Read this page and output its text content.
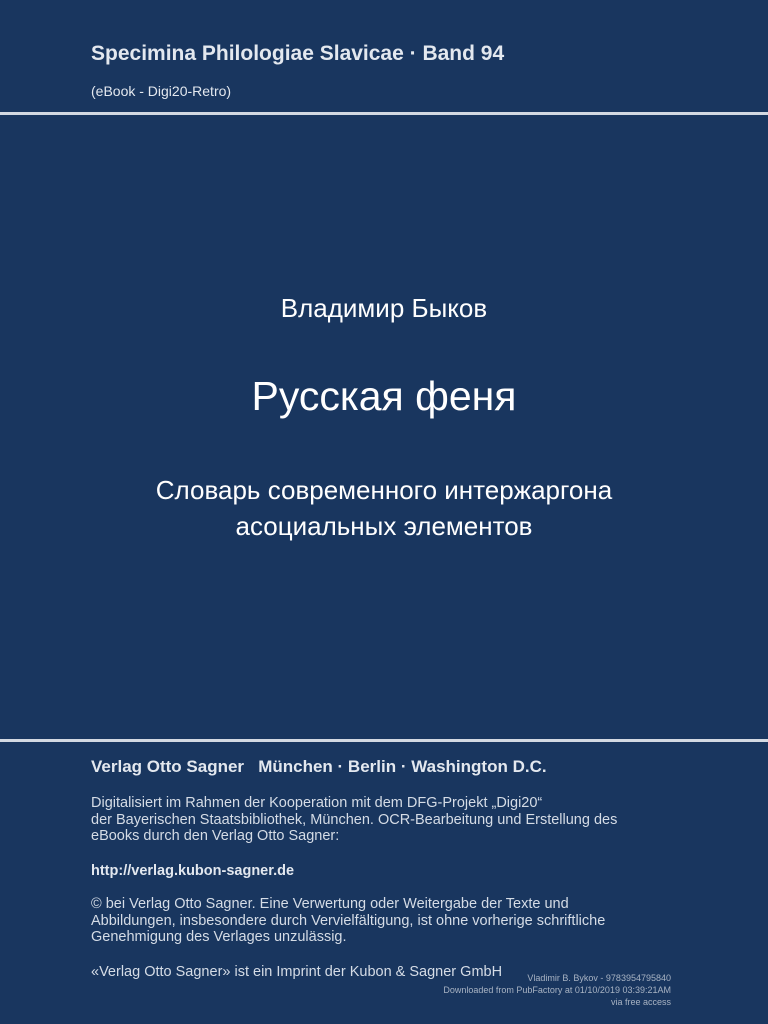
Specimina Philologiae Slavicae · Band 94
(eBook - Digi20-Retro)
Владимир Быков
Русская феня
Словарь современного интержаргона
асоциальных элементов
Verlag Otto Sagner   München · Berlin · Washington D.C.
Digitalisiert im Rahmen der Kooperation mit dem DFG-Projekt „Digi20“
der Bayerischen Staatsbibliothek, München. OCR-Bearbeitung und Erstellung des
eBooks durch den Verlag Otto Sagner:
http://verlag.kubon-sagner.de
© bei Verlag Otto Sagner. Eine Verwertung oder Weitergabe der Texte und
Abbildungen, insbesondere durch Vervielfältigung, ist ohne vorherige schriftliche
Genehmigung des Verlages unzulässig.
«Verlag Otto Sagner» ist ein Imprint der Kubon & Sagner GmbH	Vladimir B. Bykov - 9783954795840
Downloaded from PubFactory at 01/10/2019 03:39:21AM
via free access
